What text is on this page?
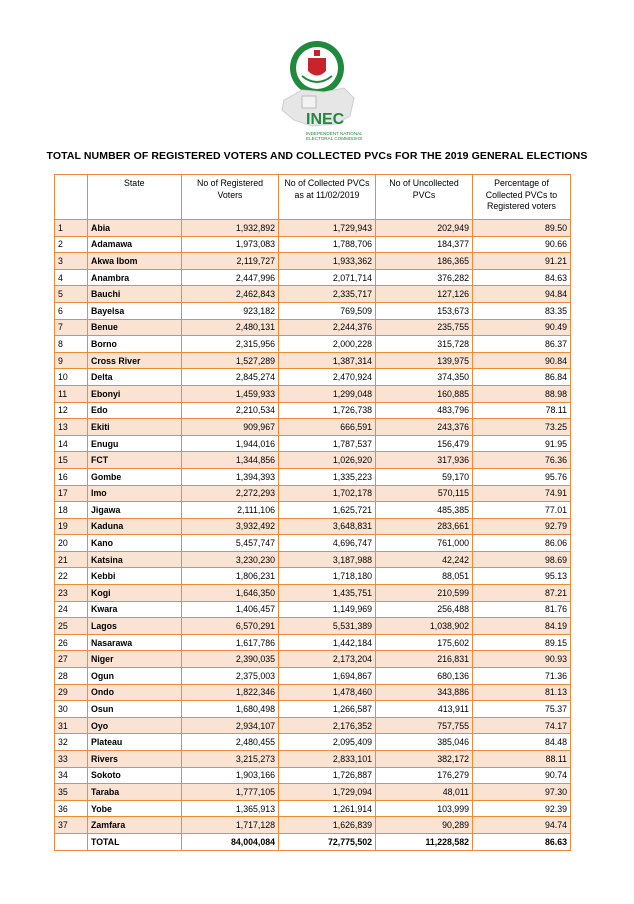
INEC
INDEPENDENT NATIONAL
ELECTORAL COMMISSION
TOTAL NUMBER OF REGISTERED VOTERS AND COLLECTED PVCs FOR THE 2019 GENERAL ELECTIONS
	State	No of Registered Voters	No of Collected PVCs as at 11/02/2019	No of Uncollected PVCs	Percentage of Collected PVCs to Registered voters
1	Abia	1,932,892	1,729,943	202,949	89.50
2	Adamawa	1,973,083	1,788,706	184,377	90.66
3	Akwa Ibom	2,119,727	1,933,362	186,365	91.21
4	Anambra	2,447,996	2,071,714	376,282	84.63
5	Bauchi	2,462,843	2,335,717	127,126	94.84
6	Bayelsa	923,182	769,509	153,673	83.35
7	Benue	2,480,131	2,244,376	235,755	90.49
8	Borno	2,315,956	2,000,228	315,728	86.37
9	Cross River	1,527,289	1,387,314	139,975	90.84
10	Delta	2,845,274	2,470,924	374,350	86.84
11	Ebonyi	1,459,933	1,299,048	160,885	88.98
12	Edo	2,210,534	1,726,738	483,796	78.11
13	Ekiti	909,967	666,591	243,376	73.25
14	Enugu	1,944,016	1,787,537	156,479	91.95
15	FCT	1,344,856	1,026,920	317,936	76.36
16	Gombe	1,394,393	1,335,223	59,170	95.76
17	Imo	2,272,293	1,702,178	570,115	74.91
18	Jigawa	2,111,106	1,625,721	485,385	77.01
19	Kaduna	3,932,492	3,648,831	283,661	92.79
20	Kano	5,457,747	4,696,747	761,000	86.06
21	Katsina	3,230,230	3,187,988	42,242	98.69
22	Kebbi	1,806,231	1,718,180	88,051	95.13
23	Kogi	1,646,350	1,435,751	210,599	87.21
24	Kwara	1,406,457	1,149,969	256,488	81.76
25	Lagos	6,570,291	5,531,389	1,038,902	84.19
26	Nasarawa	1,617,786	1,442,184	175,602	89.15
27	Niger	2,390,035	2,173,204	216,831	90.93
28	Ogun	2,375,003	1,694,867	680,136	71.36
29	Ondo	1,822,346	1,478,460	343,886	81.13
30	Osun	1,680,498	1,266,587	413,911	75.37
31	Oyo	2,934,107	2,176,352	757,755	74.17
32	Plateau	2,480,455	2,095,409	385,046	84.48
33	Rivers	3,215,273	2,833,101	382,172	88.11
34	Sokoto	1,903,166	1,726,887	176,279	90.74
35	Taraba	1,777,105	1,729,094	48,011	97.30
36	Yobe	1,365,913	1,261,914	103,999	92.39
37	Zamfara	1,717,128	1,626,839	90,289	94.74
	TOTAL	84,004,084	72,775,502	11,228,582	86.63
